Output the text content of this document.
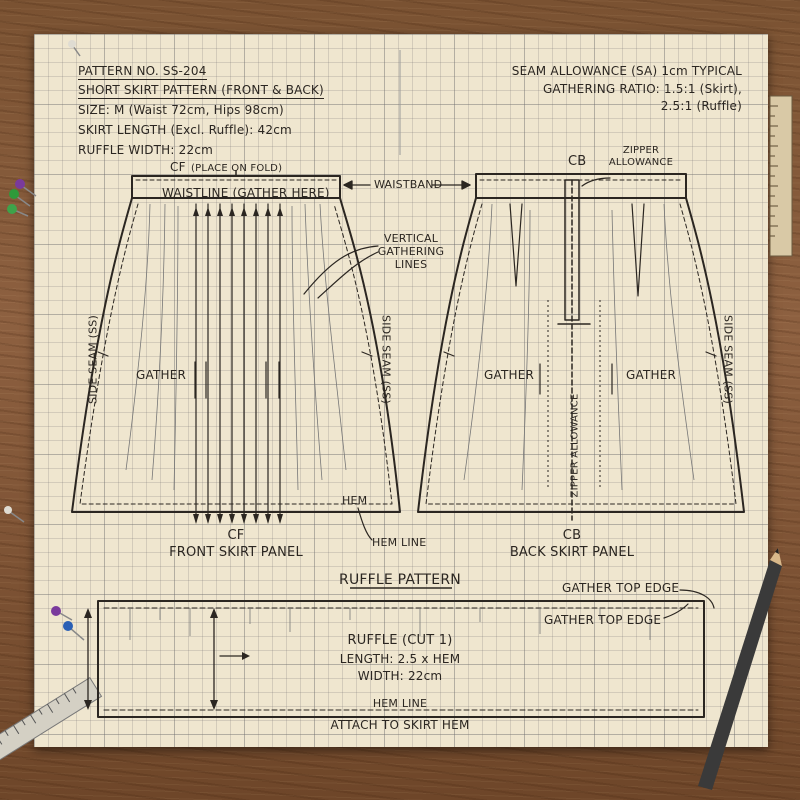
PATTERN NO. SS-204
SHORT SKIRT PATTERN (FRONT & BACK)
SIZE: M (Waist 72cm, Hips 98cm)
SKIRT LENGTH (Excl. Ruffle): 42cm
RUFFLE WIDTH: 22cm
SEAM ALLOWANCE (SA) 1cm TYPICAL
GATHERING RATIO: 1.5:1 (Skirt),
2.5:1 (Ruffle)
CF (PLACE ON FOLD)
WAISTLINE (GATHER HERE)
SIDE SEAM (SS)	SIDE SEAM (SS)
GATHER
HEM
HEM LINE
CF
FRONT SKIRT PANEL
WAISTBAND
VERTICAL GATHERING LINES
CB
ZIPPER ALLOWANCE
ZIPPER ALLOWANCE
GATHER	GATHER	SIDE SEAM (SS)
CB
BACK SKIRT PANEL
RUFFLE PATTERN	GATHER TOP EDGE
GATHER TOP EDGE
RUFFLE (CUT 1)
LENGTH: 2.5 x HEM
WIDTH: 22cm
HEM LINE
ATTACH TO SKIRT HEM
